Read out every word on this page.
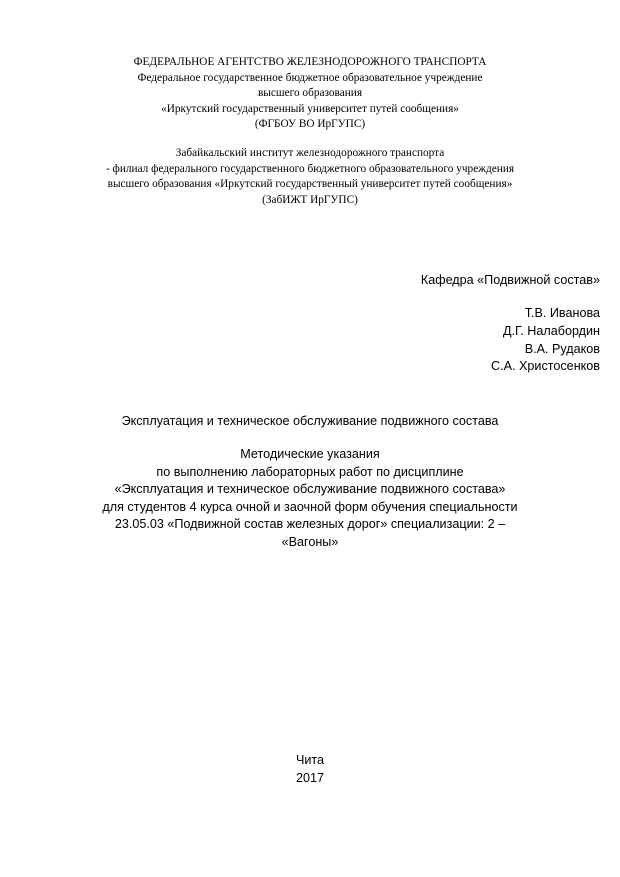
ФЕДЕРАЛЬНОЕ АГЕНТСТВО ЖЕЛЕЗНОДОРОЖНОГО ТРАНСПОРТА
Федеральное государственное бюджетное образовательное учреждение
высшего образования
«Иркутский государственный университет путей сообщения»
(ФГБОУ ВО ИрГУПС)
Забайкальский институт железнодорожного транспорта
- филиал федерального государственного бюджетного образовательного учреждения
высшего образования «Иркутский государственный университет путей сообщения»
(ЗабИЖТ ИрГУПС)
Кафедра «Подвижной состав»
Т.В. Иванова
Д.Г. Налабордин
В.А. Рудаков
С.А. Христосенков
Эксплуатация и техническое обслуживание подвижного состава
Методические указания
по выполнению лабораторных работ по дисциплине
«Эксплуатация и техническое обслуживание подвижного состава»
для студентов 4 курса очной и заочной форм обучения специальности
23.05.03 «Подвижной состав железных дорог» специализации: 2 –
«Вагоны»
Чита
2017
